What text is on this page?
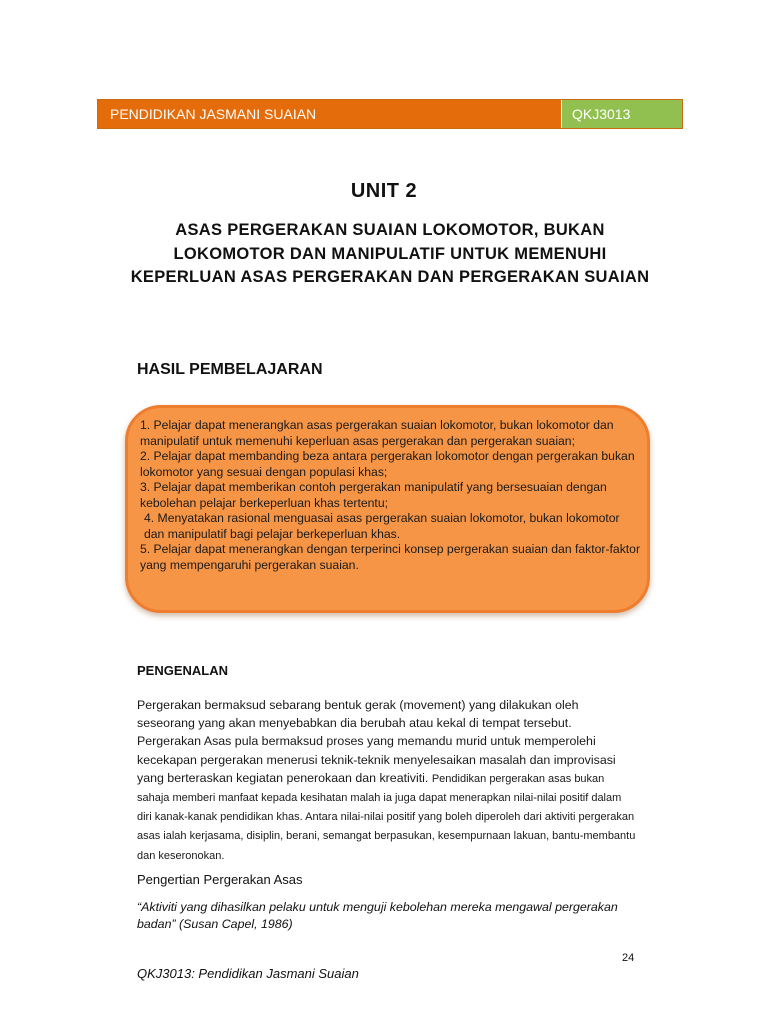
PENDIDIKAN JASMANI SUAIAN	QKJ3013
UNIT 2
ASAS PERGERAKAN SUAIAN LOKOMOTOR, BUKAN LOKOMOTOR DAN MANIPULATIF UNTUK MEMENUHI KEPERLUAN ASAS PERGERAKAN DAN PERGERAKAN SUAIAN
HASIL PEMBELAJARAN

1. Pelajar dapat menerangkan asas pergerakan suaian lokomotor, bukan lokomotor dan manipulatif untuk memenuhi keperluan asas pergerakan dan pergerakan suaian;

2. Pelajar dapat membanding beza antara pergerakan lokomotor dengan pergerakan bukan lokomotor yang sesuai dengan populasi khas;

3. Pelajar dapat memberikan contoh pergerakan manipulatif yang bersesuaian dengan kebolehan pelajar berkeperluan khas tertentu;

4. Menyatakan rasional menguasai asas pergerakan suaian lokomotor, bukan lokomotor dan manipulatif bagi pelajar berkeperluan khas.

5. Pelajar dapat menerangkan dengan terperinci konsep pergerakan suaian dan faktor-faktor yang mempengaruhi pergerakan suaian.

PENGENALAN
Pergerakan bermaksud sebarang bentuk gerak (movement) yang dilakukan oleh seseorang yang akan menyebabkan dia berubah atau kekal di tempat tersebut. Pergerakan Asas pula bermaksud proses yang memandu murid untuk memperolehi kecekapan pergerakan menerusi teknik-teknik menyelesaikan masalah dan improvisasi yang berteraskan kegiatan penerokaan dan kreativiti. Pendidikan pergerakan asas bukan sahaja memberi manfaat kepada kesihatan malah ia juga dapat menerapkan nilai-nilai positif dalam diri kanak-kanak pendidikan khas. Antara nilai-nilai positif yang boleh diperoleh dari aktiviti pergerakan asas ialah kerjasama, disiplin, berani, semangat berpasukan, kesempurnaan lakuan, bantu-membantu dan keseronokan.
Pengertian Pergerakan Asas
“Aktiviti yang dihasilkan pelaku untuk menguji kebolehan mereka mengawal pergerakan badan” (Susan Capel, 1986)
24
QKJ3013: Pendidikan Jasmani Suaian
